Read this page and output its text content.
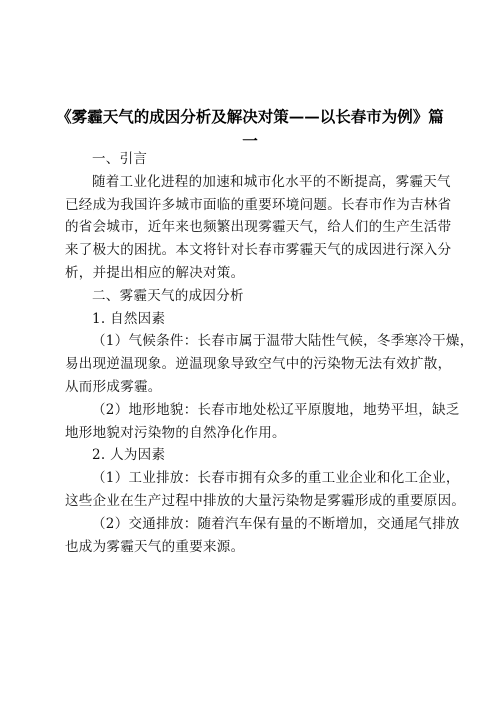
《雾霾天气的成因分析及解决对策——以长春市为例》篇
一
一、引言
随着工业化进程的加速和城市化水平的不断提高，雾霾天气
已经成为我国许多城市面临的重要环境问题。长春市作为吉林省
的省会城市，近年来也频繁出现雾霾天气，给人们的生产生活带
来了极大的困扰。本文将针对长春市雾霾天气的成因进行深入分
析，并提出相应的解决对策。
二、雾霾天气的成因分析
1. 自然因素
（1）气候条件：长春市属于温带大陆性气候，冬季寒冷干燥，
易出现逆温现象。逆温现象导致空气中的污染物无法有效扩散，
从而形成雾霾。
（2）地形地貌：长春市地处松辽平原腹地，地势平坦，缺乏
地形地貌对污染物的自然净化作用。
2. 人为因素
（1）工业排放：长春市拥有众多的重工业企业和化工企业，
这些企业在生产过程中排放的大量污染物是雾霾形成的重要原因。
（2）交通排放：随着汽车保有量的不断增加，交通尾气排放
也成为雾霾天气的重要来源。
